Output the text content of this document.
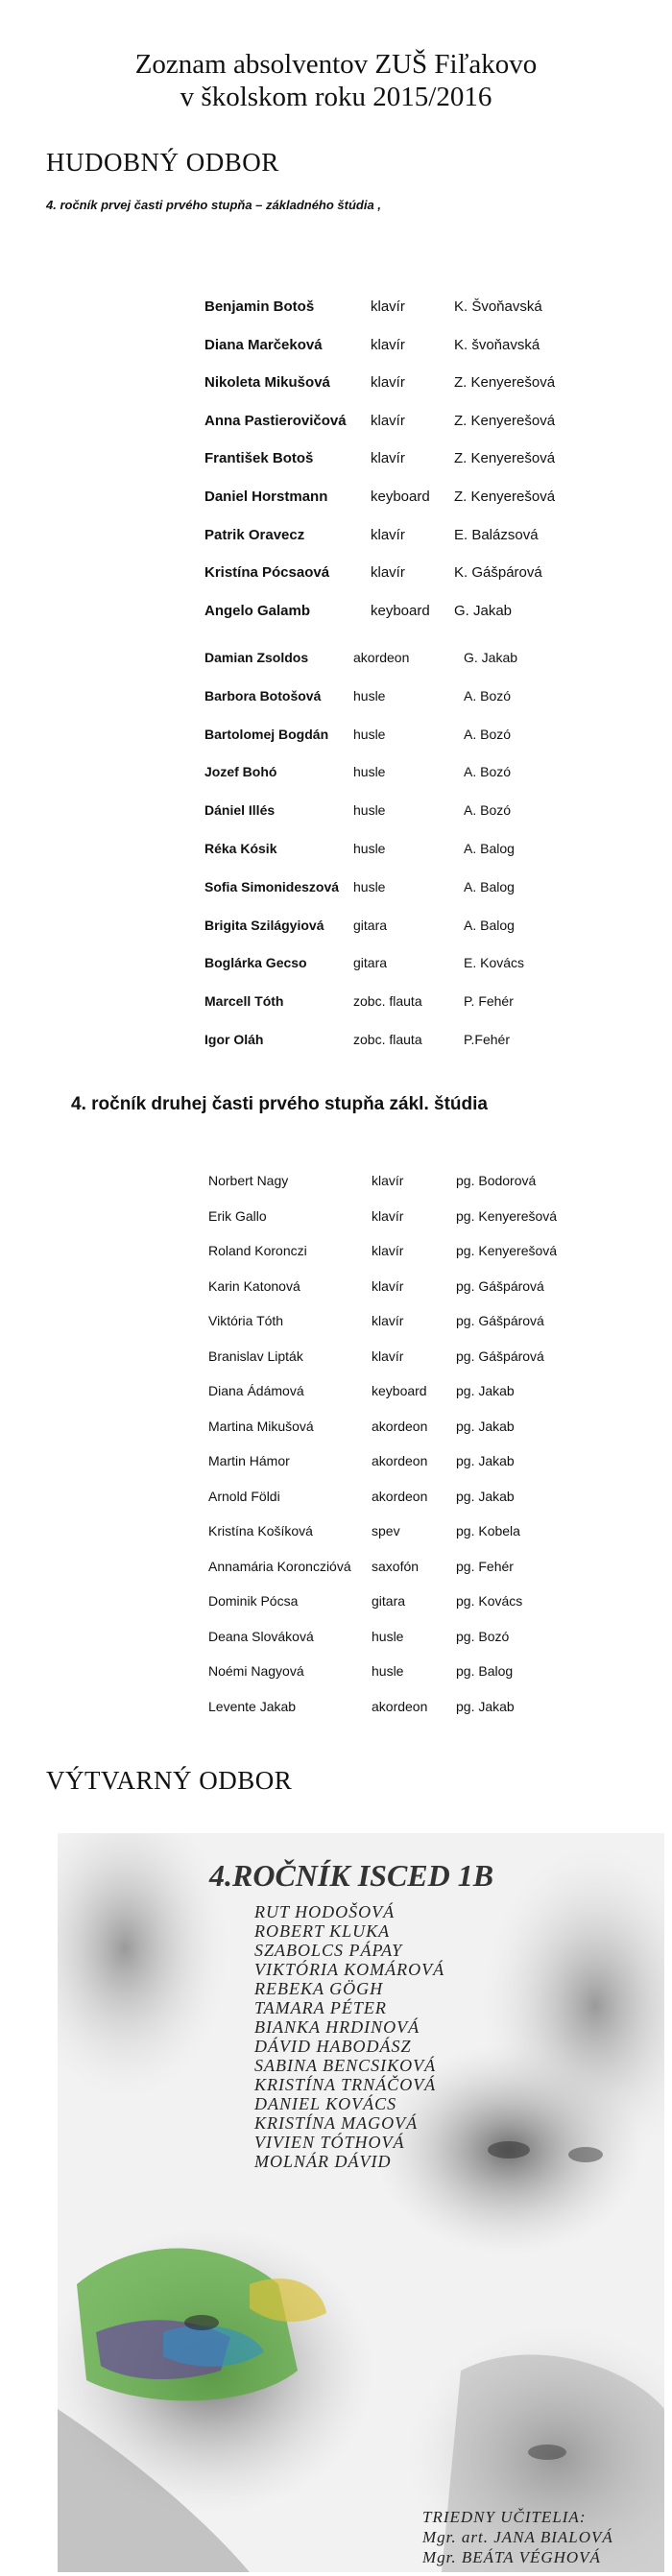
Zoznam absolventov ZUŠ Fiľakovo
v školskom roku 2015/2016
HUDOBNÝ ODBOR
4. ročník prvej časti prvého stupňa – základného štúdia ,
Benjamin Botoš	klavír	K. Švoňavská
Diana Marčeková	klavír	K. švoňavská
Nikoleta Mikušová	klavír	Z. Kenyerešová
Anna Pastierovičová klavír	Z. Kenyerešová
František Botoš	klavír	Z. Kenyerešová
Daniel Horstmann	keyboard Z. Kenyerešová
Patrik Oravecz	klavír	E. Balázsová
Kristína Pócsaová	klavír	K. Gášpárová
Angelo Galamb	keyboard G. Jakab
Damian Zsoldos	akordeon	G. Jakab
Barbora Botošová husle	A. Bozó
Bartolomej Bogdán husle	A. Bozó
Jozef Bohó	husle	A. Bozó
Dániel Illés	husle	A. Bozó
Réka Kósik	husle	A. Balog
Sofia Simonideszová husle	A. Balog
Brigita Szilágyiová gitara	A. Balog
Boglárka Gecso	gitara	E. Kovács
Marcell Tóth	zobc. flauta	P. Fehér
Igor Oláh	zobc. flauta	P.Fehér
4. ročník druhej časti prvého stupňa zákl. štúdia
Norbert Nagy	klavír	pg. Bodorová
Erik Gallo	klavír	pg. Kenyerešová
Roland Koronczi	klavír	pg. Kenyerešová
Karin Katonová	klavír	pg. Gášpárová
Viktória Tóth	klavír	pg. Gášpárová
Branislav Lipták	klavír	pg. Gášpárová
Diana Ádámová	keyboard pg. Jakab
Martina Mikušová	akordeon pg. Jakab
Martin Hámor	akordeon pg. Jakab
Arnold Földi	akordeon pg. Jakab
Kristína Košíková	spev	pg. Kobela
Annamária Koronczióvá saxofón	pg. Fehér
Dominik Pócsa	gitara	pg. Kovács
Deana Slováková	husle	pg. Bozó
Noémi Nagyová	husle	pg. Balog
Levente Jakab	akordeon pg. Jakab
VÝTVARNÝ ODBOR
4.ROČNÍK ISCED 1B
RUT HODOŠOVÁ
ROBERT KLUKA
SZABOLCS PÁPAY
VIKTÓRIA KOMÁROVÁ
REBEKA GÖGH
TAMARA PÉTER
BIANKA HRDINOVÁ
DÁVID HABODÁSZ
SABINA BENCSIKOVÁ
KRISTÍNA TRNÁČOVÁ
DANIEL KOVÁCS
KRISTÍNA MAGOVÁ
VIVIEN TÓTHOVÁ
MOLNÁR DÁVID
TRIEDNY UČITELIA:
Mgr. art. JANA BIALOVÁ
Mgr. BEÁTA VÉGHOVÁ
